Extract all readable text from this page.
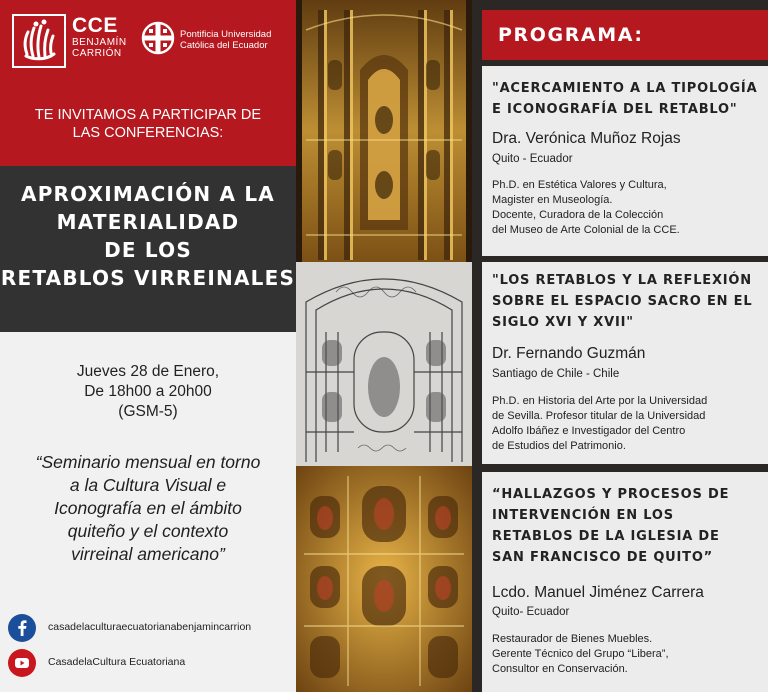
CCE
BENJAMÍN
CARRIÓN
Pontificia Universidad
Católica del Ecuador
TE INVITAMOS A PARTICIPAR DE
LAS CONFERENCIAS:
APROXIMACIÓN A LA
MATERIALIDAD
DE LOS
RETABLOS VIRREINALES
Jueves 28 de Enero,
De 18h00 a 20h00
(GSM-5)
“Seminario mensual en torno
a la Cultura Visual e
Iconografía en el ámbito
quiteño y el contexto
virreinal americano”
casadelaculturaecuatorianabenjamincarrion
CasadelaCultura Ecuatoriana
PROGRAMA:
"ACERCAMIENTO A LA TIPOLOGÍA
E ICONOGRAFÍA DEL RETABLO"
Dra. Verónica Muñoz Rojas
Quito - Ecuador
Ph.D. en Estética Valores y Cultura,
Magister en Museología.
Docente, Curadora de la Colección
del Museo de Arte Colonial de la CCE.
"LOS RETABLOS Y LA REFLEXIÓN
SOBRE EL ESPACIO SACRO EN EL
SIGLO XVI Y XVII"
Dr. Fernando Guzmán
Santiago de Chile - Chile
Ph.D. en Historia del Arte por la Universidad
de Sevilla. Profesor titular de la Universidad
Adolfo Ibáñez e Investigador del Centro
de Estudios del Patrimonio.
“HALLAZGOS Y PROCESOS DE
INTERVENCIÓN EN LOS
RETABLOS DE LA IGLESIA DE
SAN FRANCISCO DE QUITO”
Lcdo. Manuel Jiménez Carrera
Quito- Ecuador
Restaurador de Bienes Muebles.
Gerente Técnico del Grupo “Libera”,
Consultor en Conservación.
